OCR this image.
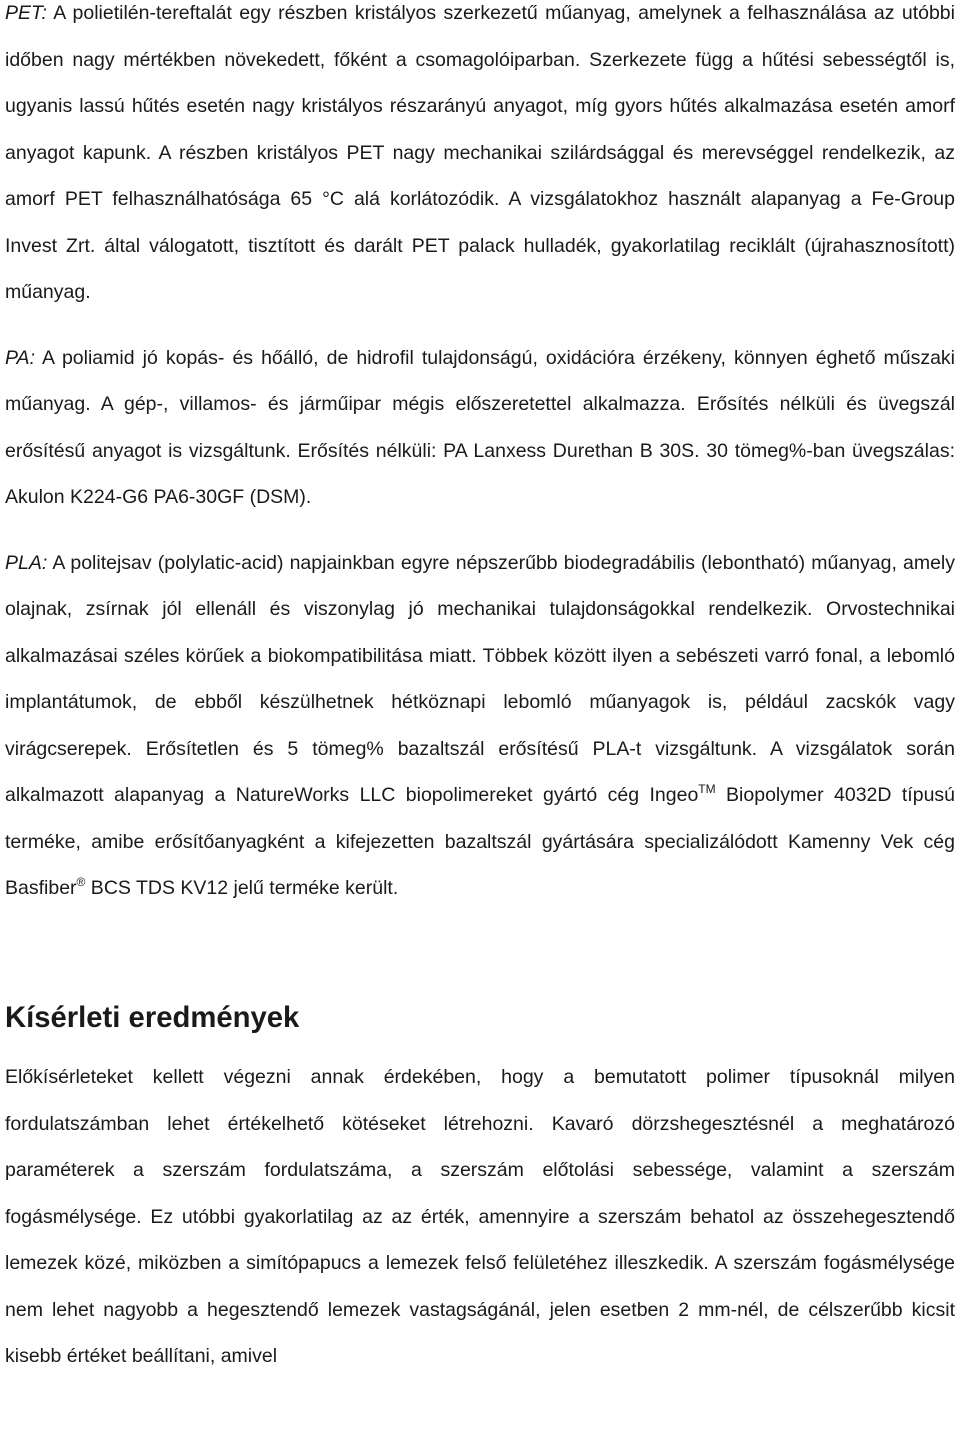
PET: A polietilén-tereftalát egy részben kristályos szerkezetű műanyag, amelynek a felhasználása az utóbbi időben nagy mértékben növekedett, főként a csomagolóiparban. Szerkezete függ a hűtési sebességtől is, ugyanis lassú hűtés esetén nagy kristályos részarányú anyagot, míg gyors hűtés alkalmazása esetén amorf anyagot kapunk. A részben kristályos PET nagy mechanikai szilárdsággal és merevséggel rendelkezik, az amorf PET felhasználhatósága 65 °C alá korlátozódik. A vizsgálatokhoz használt alapanyag a Fe-Group Invest Zrt. által válogatott, tisztított és darált PET palack hulladék, gyakorlatilag reciklált (újrahasznosított) műanyag.

PA: A poliamid jó kopás- és hőálló, de hidrofil tulajdonságú, oxidációra érzékeny, könnyen éghető műszaki műanyag. A gép-, villamos- és járműipar mégis előszeretettel alkalmazza. Erősítés nélküli és üvegszál erősítésű anyagot is vizsgáltunk. Erősítés nélküli: PA Lanxess Durethan B 30S. 30 tömeg%-ban üvegszálas: Akulon K224-G6 PA6-30GF (DSM).

PLA: A politejsav (polylatic-acid) napjainkban egyre népszerűbb biodegradábilis (lebontható) műanyag, amely olajnak, zsírnak jól ellenáll és viszonylag jó mechanikai tulajdonságokkal rendelkezik. Orvostechnikai alkalmazásai széles körűek a biokompatibilitása miatt. Többek között ilyen a sebészeti varró fonal, a lebomló implantátumok, de ebből készülhetnek hétköznapi lebomló műanyagok is, például zacskók vagy virágcserepek. Erősítetlen és 5 tömeg% bazaltszál erősítésű PLA-t vizsgáltunk. A vizsgálatok során alkalmazott alapanyag a NatureWorks LLC biopolimereket gyártó cég Ingeo™ Biopolymer 4032D típusú terméke, amibe erősítőanyagként a kifejezetten bazaltszál gyártására specializálódott Kamenny Vek cég Basfiber® BCS TDS KV12 jelű terméke került.

Kísérleti eredmények

Előkísérleteket kellett végezni annak érdekében, hogy a bemutatott polimer típusoknál milyen fordulatszámban lehet értékelhető kötéseket létrehozni. Kavaró dörzshegesztésnél a meghatározó paraméterek a szerszám fordulatszáma, a szerszám előtolási sebessége, valamint a szerszám fogásmélysége. Ez utóbbi gyakorlatilag az az érték, amennyire a szerszám behatol az összehegesztendő lemezek közé, miközben a simítópapucs a lemezek felső felületéhez illeszkedik. A szerszám fogásmélysége nem lehet nagyobb a hegesztendő lemezek vastagságánál, jelen esetben 2 mm-nél, de célszerűbb kicsit kisebb értéket beállítani, amivel
